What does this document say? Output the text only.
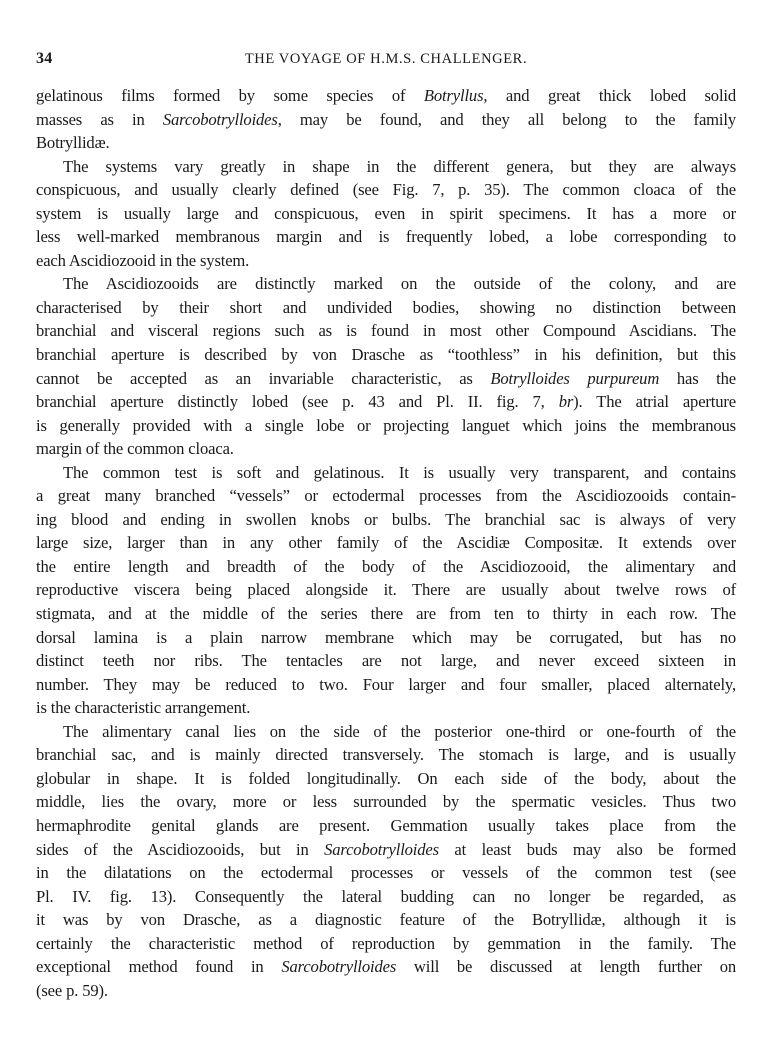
34	THE VOYAGE OF H.M.S. CHALLENGER.
gelatinous films formed by some species of Botryllus, and great thick lobed solid
masses as in Sarcobotrylloides, may be found, and they all belong to the family
Botryllidæ.
The systems vary greatly in shape in the different genera, but they are always
conspicuous, and usually clearly defined (see Fig. 7, p. 35). The common cloaca of the
system is usually large and conspicuous, even in spirit specimens. It has a more or
less well-marked membranous margin and is frequently lobed, a lobe corresponding to
each Ascidiozooid in the system.
The Ascidiozooids are distinctly marked on the outside of the colony, and are
characterised by their short and undivided bodies, showing no distinction between
branchial and visceral regions such as is found in most other Compound Ascidians. The
branchial aperture is described by von Drasche as “toothless” in his definition, but this
cannot be accepted as an invariable characteristic, as Botrylloides purpureum has the
branchial aperture distinctly lobed (see p. 43 and Pl. II. fig. 7, br). The atrial aperture
is generally provided with a single lobe or projecting languet which joins the membranous
margin of the common cloaca.
The common test is soft and gelatinous. It is usually very transparent, and contains
a great many branched “vessels” or ectodermal processes from the Ascidiozooids contain-
ing blood and ending in swollen knobs or bulbs. The branchial sac is always of very
large size, larger than in any other family of the Ascidiæ Compositæ. It extends over
the entire length and breadth of the body of the Ascidiozooid, the alimentary and
reproductive viscera being placed alongside it. There are usually about twelve rows of
stigmata, and at the middle of the series there are from ten to thirty in each row. The
dorsal lamina is a plain narrow membrane which may be corrugated, but has no
distinct teeth nor ribs. The tentacles are not large, and never exceed sixteen in
number. They may be reduced to two. Four larger and four smaller, placed alternately,
is the characteristic arrangement.
The alimentary canal lies on the side of the posterior one-third or one-fourth of the
branchial sac, and is mainly directed transversely. The stomach is large, and is usually
globular in shape. It is folded longitudinally. On each side of the body, about the
middle, lies the ovary, more or less surrounded by the spermatic vesicles. Thus two
hermaphrodite genital glands are present. Gemmation usually takes place from the
sides of the Ascidiozooids, but in Sarcobotrylloides at least buds may also be formed
in the dilatations on the ectodermal processes or vessels of the common test (see
Pl. IV. fig. 13). Consequently the lateral budding can no longer be regarded, as
it was by von Drasche, as a diagnostic feature of the Botryllidæ, although it is
certainly the characteristic method of reproduction by gemmation in the family. The
exceptional method found in Sarcobotrylloides will be discussed at length further on
(see p. 59).
